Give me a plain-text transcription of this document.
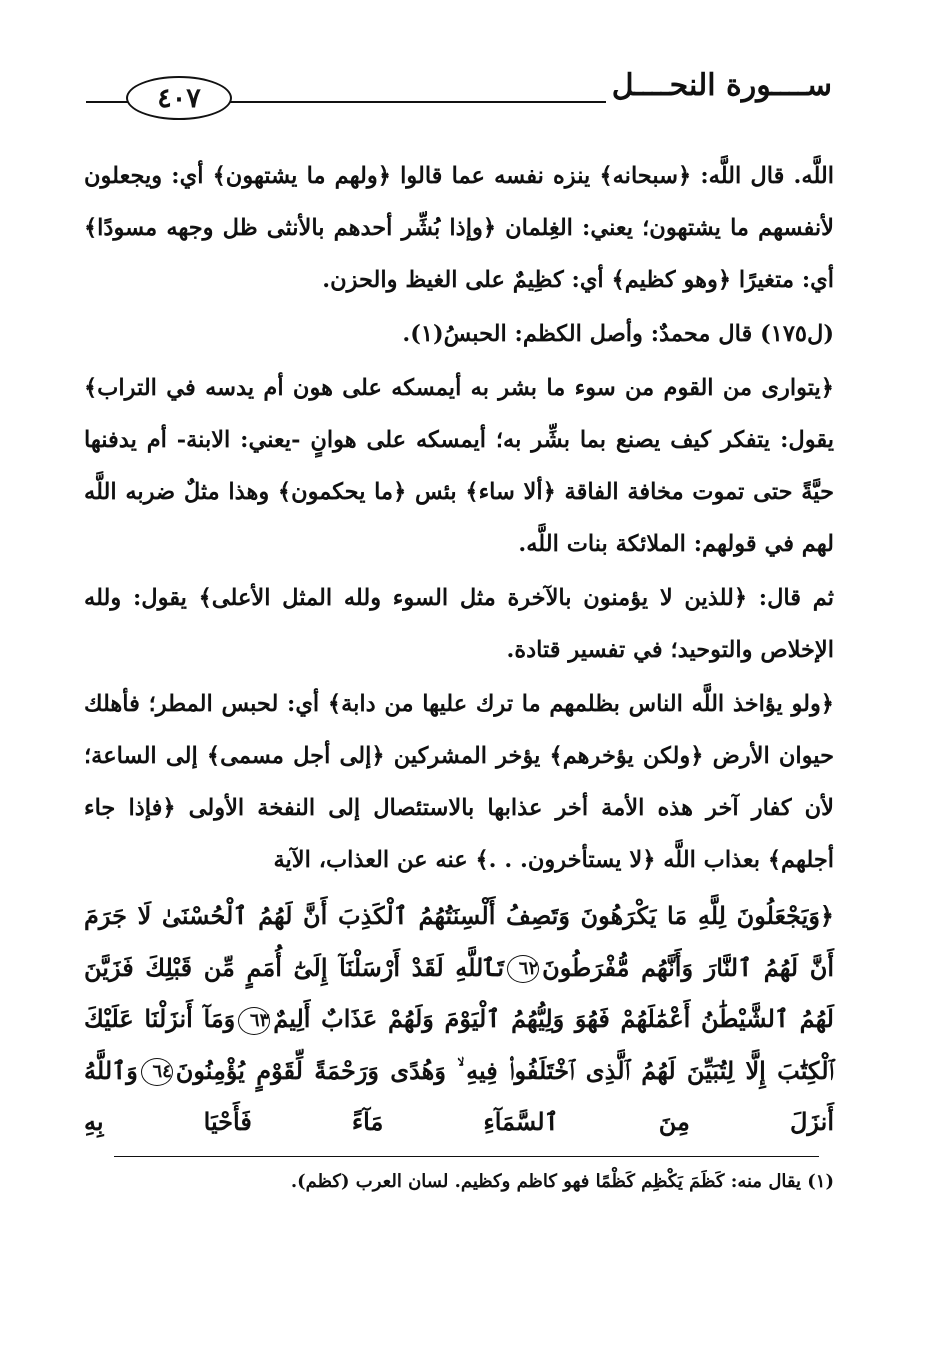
٤٠٧	ســــورة النحــــل

اللَّه. قال اللَّه: ﴿سبحانه﴾ ينزه نفسه عما قالوا ﴿ولهم ما يشتهون﴾ أي: ويجعلون لأنفسهم ما يشتهون؛ يعني: الغِلمان ﴿وإذا بُشِّر أحدهم بالأنثى ظل وجهه مسودًا﴾ أي: متغيرًا ﴿وهو كظيم﴾ أي: كظِيمٌ على الغيظ والحزن.

(ل١٧٥) قال محمدٌ: وأصل الكظم: الحبسُ(١).

﴿يتوارى من القوم من سوء ما بشر به أيمسكه على هون أم يدسه في التراب﴾ يقول: يتفكر كيف يصنع بما بشِّر به؛ أيمسكه على هوانٍ -يعني: الابنة- أم يدفنها حيَّةً حتى تموت مخافة الفاقة ﴿ألا ساء﴾ بئس ﴿ما يحكمون﴾ وهذا مثلٌ ضربه اللَّه لهم في قولهم: الملائكة بنات اللَّه.

ثم قال: ﴿للذين لا يؤمنون بالآخرة مثل السوء ولله المثل الأعلى﴾ يقول: ولله الإخلاص والتوحيد؛ في تفسير قتادة.

﴿ولو يؤاخذ اللَّه الناس بظلمهم ما ترك عليها من دابة﴾ أي: لحبس المطر؛ فأهلك حيوان الأرض ﴿ولكن يؤخرهم﴾ يؤخر المشركين ﴿إلى أجل مسمى﴾ إلى الساعة؛ لأن كفار آخر هذه الأمة أخر عذابها بالاستئصال إلى النفخة الأولى ﴿فإذا جاء أجلهم﴾ بعذاب اللَّه ﴿لا يستأخرون. . .﴾ عنه عن العذاب، الآية

﴿وَيَجْعَلُونَ لِلَّهِ مَا يَكْرَهُونَ وَتَصِفُ أَلْسِنَتُهُمُ ٱلْكَذِبَ أَنَّ لَهُمُ ٱلْحُسْنَىٰ لَا جَرَمَ أَنَّ لَهُمُ ٱلنَّارَ وَأَنَّهُم مُّفْرَطُونَ٦٢تَٱللَّهِ لَقَدْ أَرْسَلْنَآ إِلَىٰٓ أُمَمٍ مِّن قَبْلِكَ فَزَيَّنَ لَهُمُ ٱلشَّيْطَٰنُ أَعْمَٰلَهُمْ فَهُوَ وَلِيُّهُمُ ٱلْيَوْمَ وَلَهُمْ عَذَابٌ أَلِيمٌ٦٣وَمَآ أَنزَلْنَا عَلَيْكَ ٱلْكِتَٰبَ إِلَّا لِتُبَيِّنَ لَهُمُ ٱلَّذِى ٱخْتَلَفُوا۟ فِيهِ ۙ وَهُدًى وَرَحْمَةً لِّقَوْمٍ يُؤْمِنُونَ٦٤وَٱللَّهُ أَنزَلَ مِنَ ٱلسَّمَآءِ مَآءً فَأَحْيَا بِهِ

(١) يقال منه: كَظَمَ يَكْظِم كَظْمًا فهو كاظم وكظيم. لسان العرب (كظم).
